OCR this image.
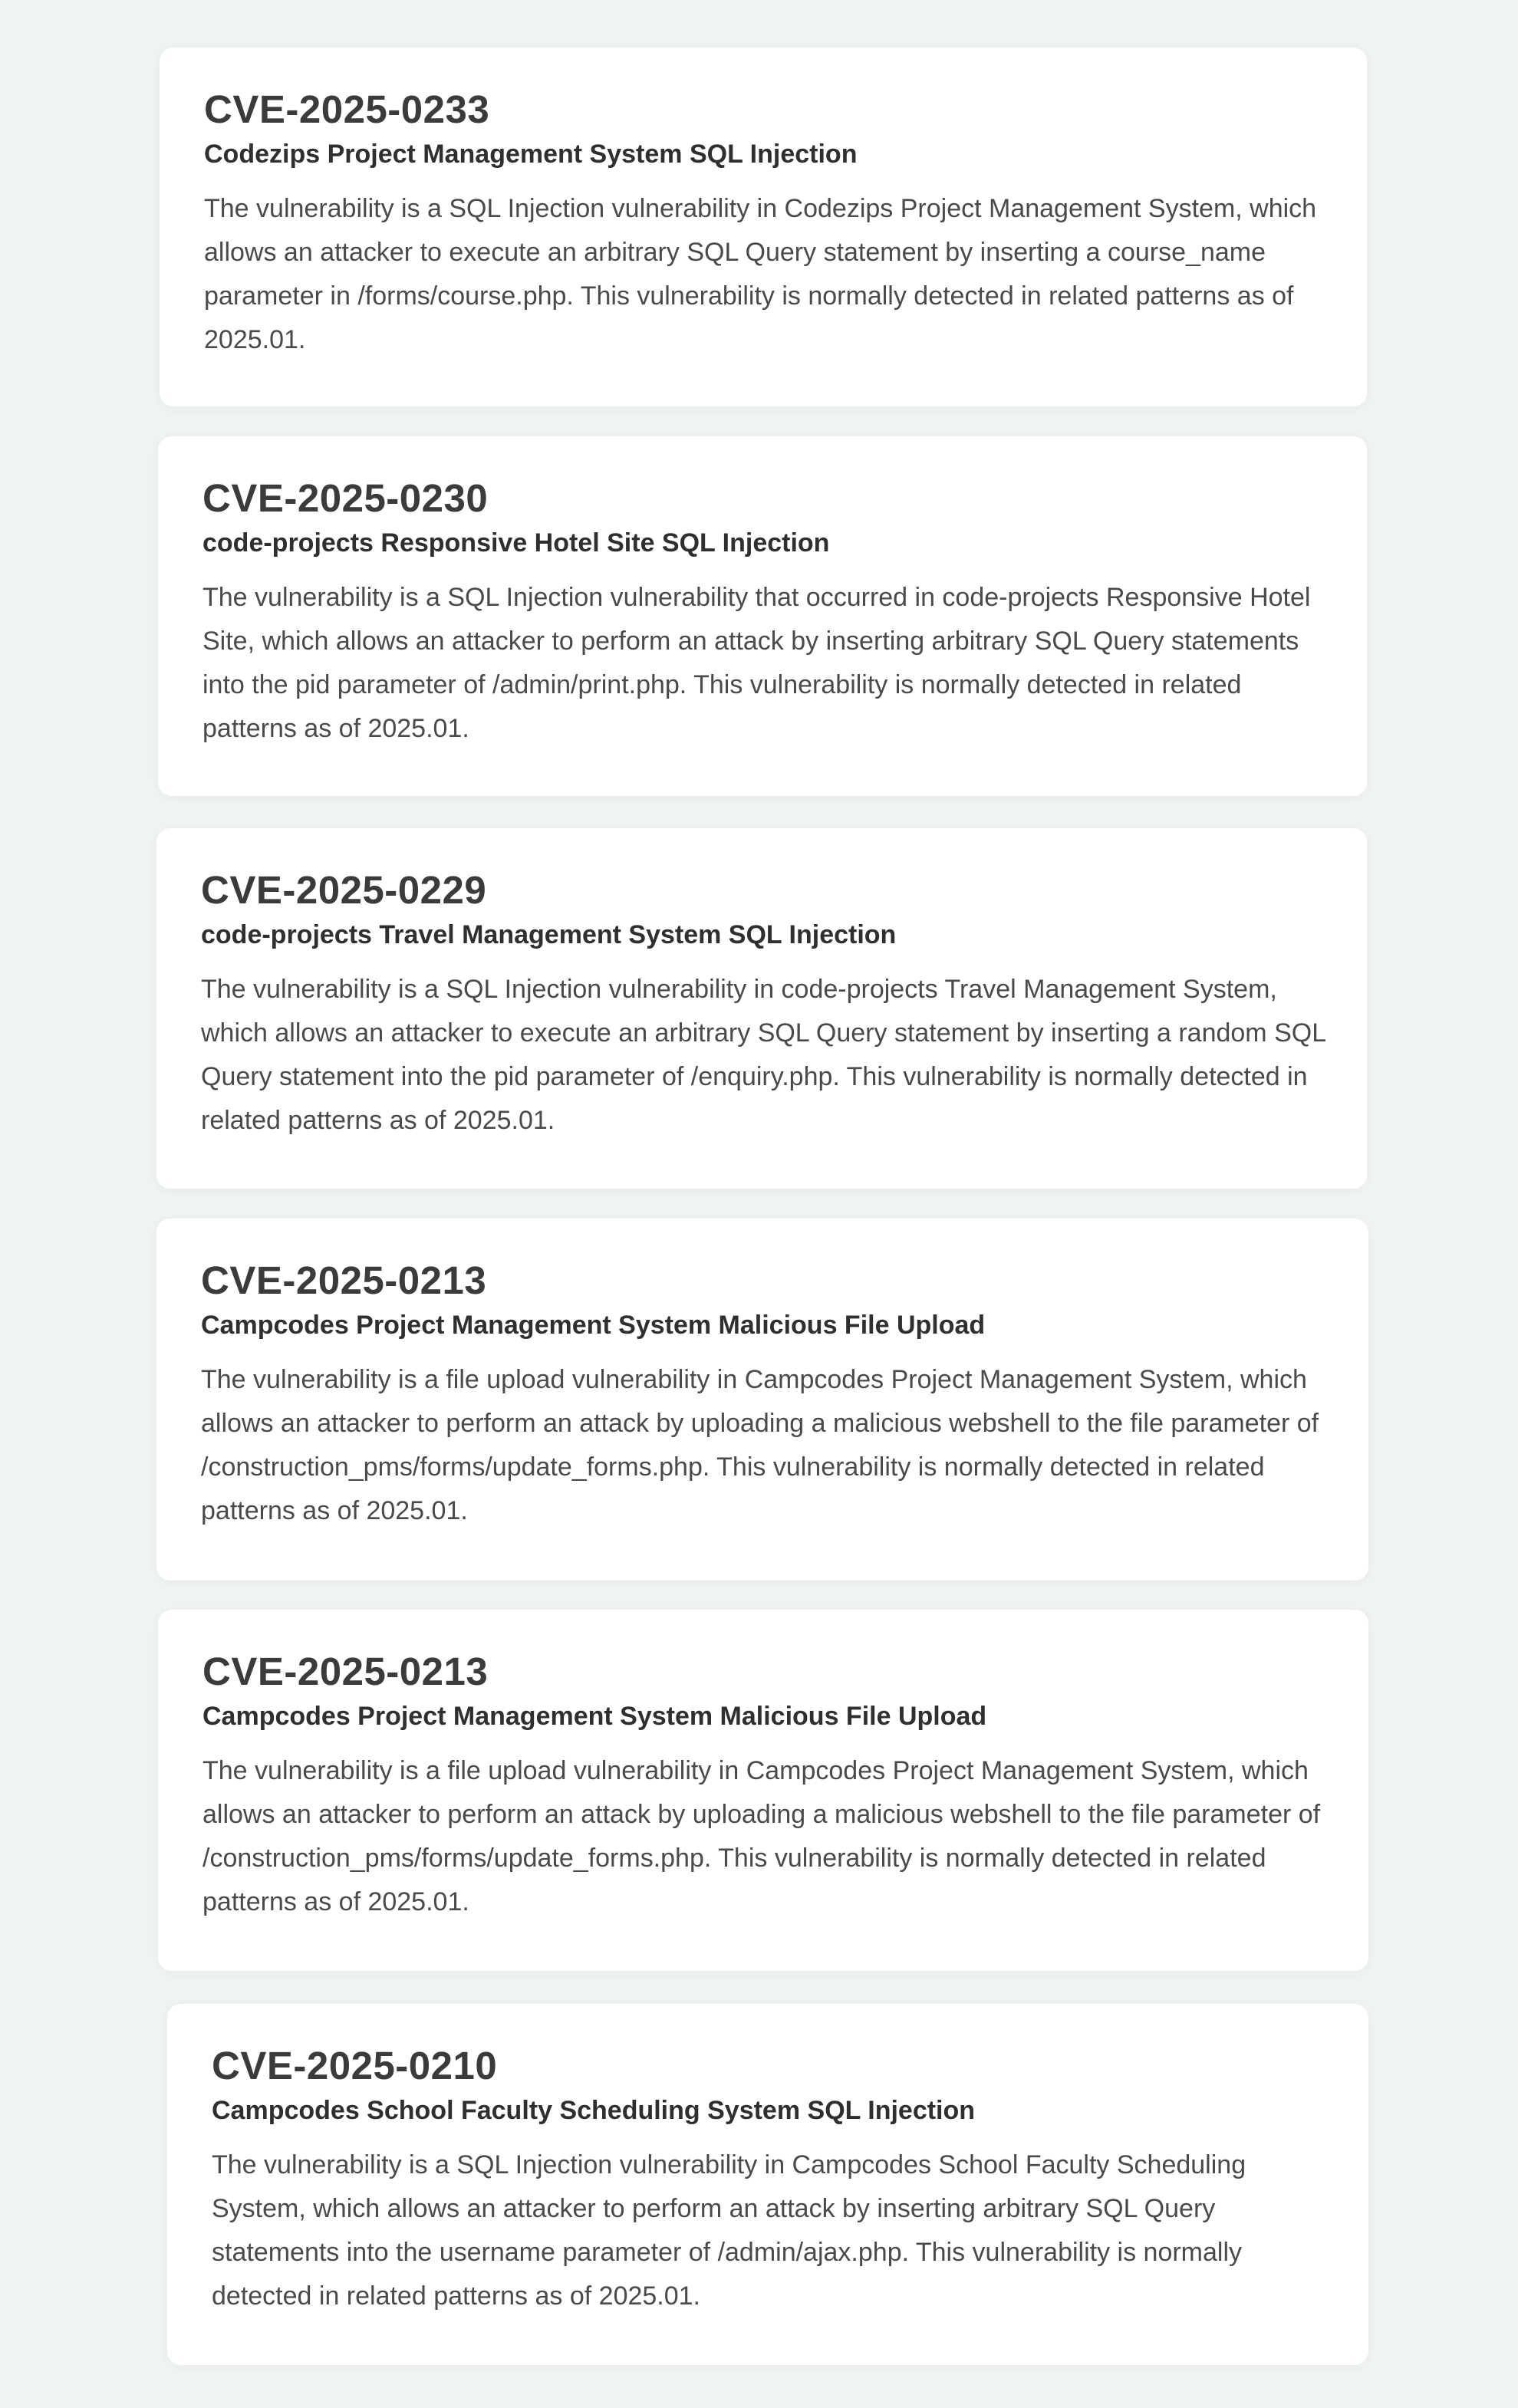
CVE-2025-0233
Codezips Project Management System SQL Injection
The vulnerability is a SQL Injection vulnerability in Codezips Project Management System, which allows an attacker to execute an arbitrary SQL Query statement by inserting a course_name parameter in /forms/course.php. This vulnerability is normally detected in related patterns as of 2025.01.
CVE-2025-0230
code-projects Responsive Hotel Site SQL Injection
The vulnerability is a SQL Injection vulnerability that occurred in code-projects Responsive Hotel Site, which allows an attacker to perform an attack by inserting arbitrary SQL Query statements into the pid parameter of /admin/print.php. This vulnerability is normally detected in related patterns as of 2025.01.
CVE-2025-0229
code-projects Travel Management System SQL Injection
The vulnerability is a SQL Injection vulnerability in code-projects Travel Management System, which allows an attacker to execute an arbitrary SQL Query statement by inserting a random SQL Query statement into the pid parameter of /enquiry.php. This vulnerability is normally detected in related patterns as of 2025.01.
CVE-2025-0213
Campcodes Project Management System Malicious File Upload
The vulnerability is a file upload vulnerability in Campcodes Project Management System, which allows an attacker to perform an attack by uploading a malicious webshell to the file parameter of /construction_pms/forms/update_forms.php. This vulnerability is normally detected in related patterns as of 2025.01.
CVE-2025-0213
Campcodes Project Management System Malicious File Upload
The vulnerability is a file upload vulnerability in Campcodes Project Management System, which allows an attacker to perform an attack by uploading a malicious webshell to the file parameter of /construction_pms/forms/update_forms.php. This vulnerability is normally detected in related patterns as of 2025.01.
CVE-2025-0210
Campcodes School Faculty Scheduling System SQL Injection
The vulnerability is a SQL Injection vulnerability in Campcodes School Faculty Scheduling System, which allows an attacker to perform an attack by inserting arbitrary SQL Query statements into the username parameter of /admin/ajax.php. This vulnerability is normally detected in related patterns as of 2025.01.
